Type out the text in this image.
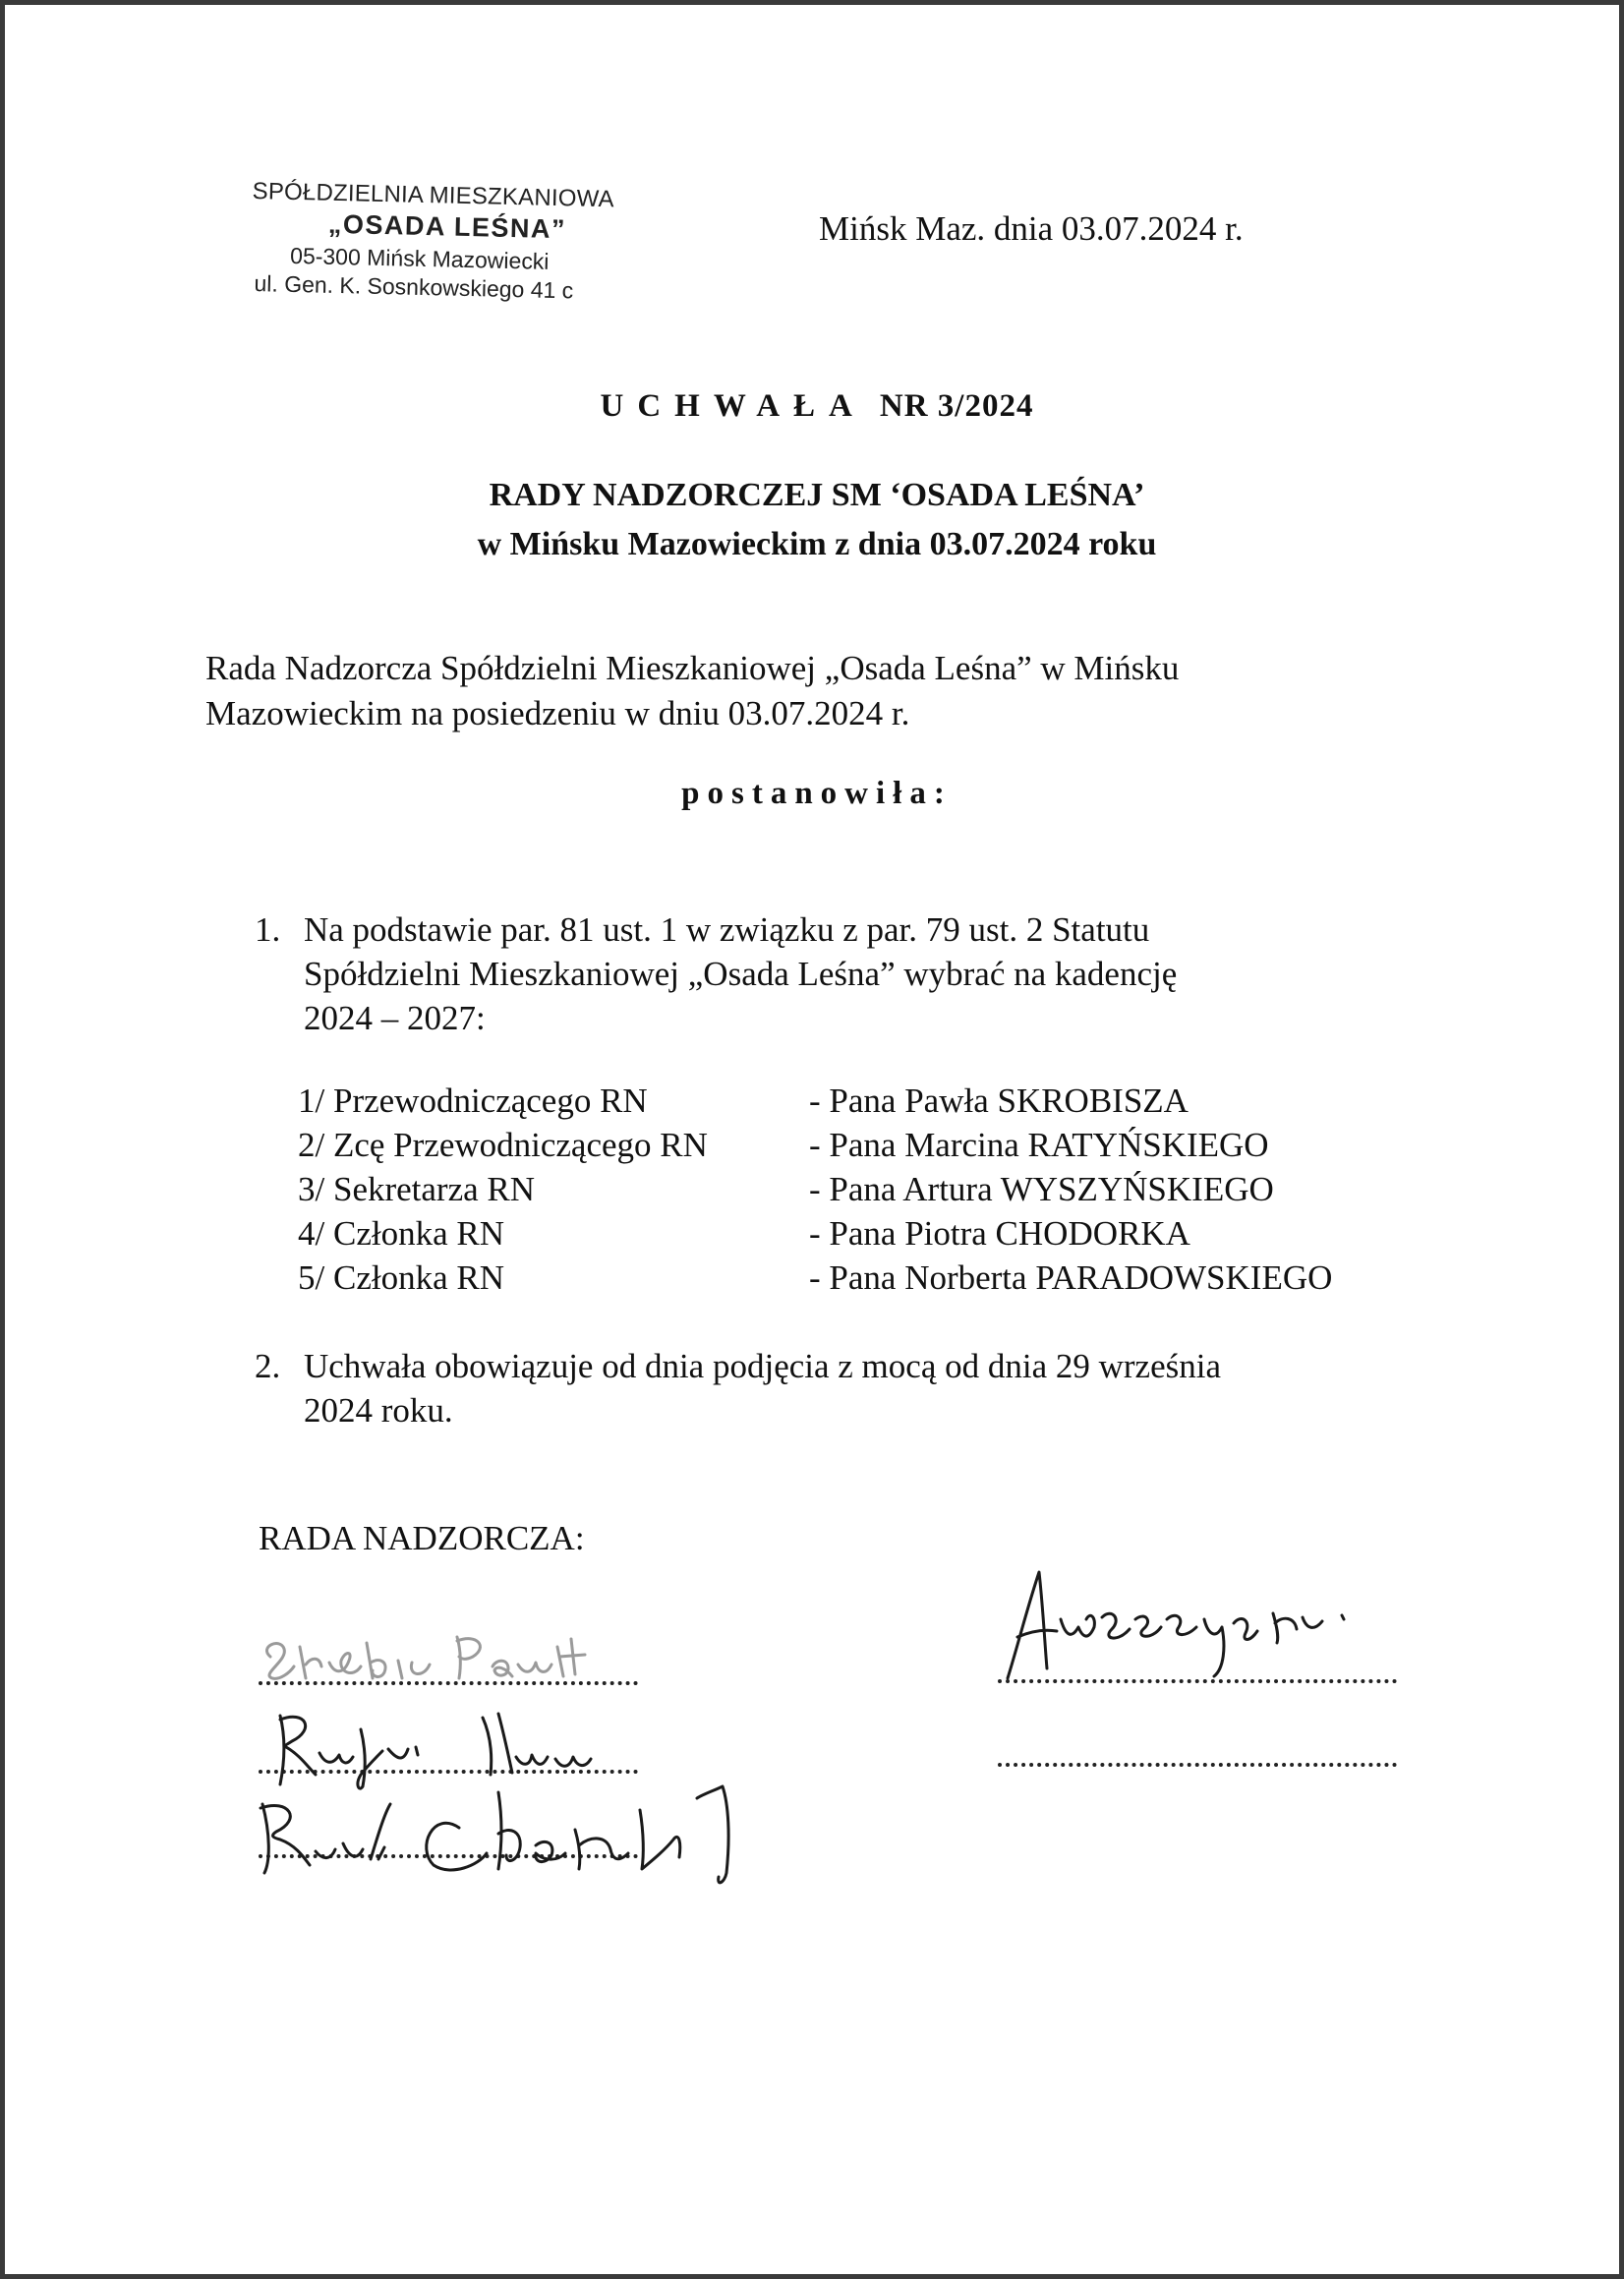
SPÓŁDZIELNIA MIESZKANIOWA
„OSADA LEŚNA”
05-300 Mińsk Mazowiecki
ul. Gen. K. Sosnkowskiego 41 c
Mińsk Maz. dnia 03.07.2024 r.
UCHWAŁA NR 3/2024
RADY NADZORCZEJ SM ‘OSADA LEŚNA’
w Mińsku Mazowieckim z dnia 03.07.2024 roku
Rada Nadzorcza Spółdzielni Mieszkaniowej „Osada Leśna” w Mińsku
Mazowieckim na posiedzeniu w dniu 03.07.2024 r.
postanowiła:
1. Na podstawie par. 81 ust. 1 w związku z par. 79 ust. 2 Statutu
Spółdzielni Mieszkaniowej „Osada Leśna” wybrać na kadencję
2024 – 2027:
1/ Przewodniczącego RN	- Pana Pawła SKROBISZA
2/ Zcę Przewodniczącego RN	- Pana Marcina RATYŃSKIEGO
3/ Sekretarza RN	- Pana Artura WYSZYŃSKIEGO
4/ Członka RN	- Pana Piotra CHODORKA
5/ Członka RN	- Pana Norberta PARADOWSKIEGO
2. Uchwała obowiązuje od dnia podjęcia z mocą od dnia 29 września
2024 roku.
RADA NADZORCZA:
